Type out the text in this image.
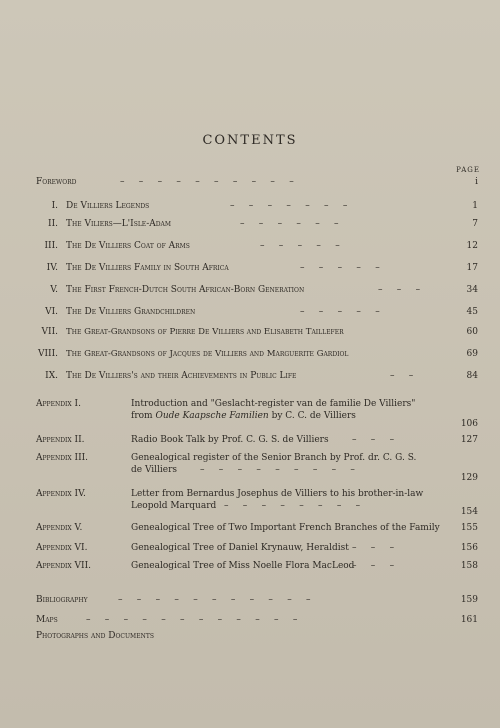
CONTENTS
PAGE
Foreword	–     –     –     –     –     –     –     –     –     –	i
I. De Villiers Legends	–     –     –     –     –     –     –	1
II. The Viliers—L'Isle-Adam	–     –     –     –     –     –	7
III. The De Villiers Coat of Arms	–     –     –     –     –	12
IV. The De Villiers Family in South Africa	–     –     –     –     –	17
V. The First French-Dutch South African-Born Generation	–     –     –	34
VI. The De Villiers Grandchildren	–     –     –     –     –	45
VII. The Great-Grandsons of Pierre De Villiers and Elisabeth Taillefer	60
VIII. The Great-Grandsons of Jacques de Villiers and Marguerite Gardiol	69
IX. The De Villiers's and their Achievements in Public Life	–     –	84
Appendix I.	Introduction and "Geslacht-register van de familie De Villiers"
from Oude Kaapsche Familien by C. C. de Villiers
106
Appendix II.	Radio Book Talk by Prof. C. G. S. de Villiers	–     –     –	127
Appendix III.	Genealogical register of the Senior Branch by Prof. dr. C. G. S.
de Villiers	–     –     –     –     –     –     –     –     –
129
Appendix IV.	Letter from Bernardus Josephus de Villiers to his brother-in-law
Leopold Marquard –     –     –     –     –     –     –     –
154
Appendix V.	Genealogical Tree of Two Important French Branches of the Family	155
Appendix VI.	Genealogical Tree of Daniel Krynauw, Heraldist –     –     –	156
Appendix VII.	Genealogical Tree of Miss Noelle Flora MacLeod
–     –     –	158
Bibliography	–     –     –     –     –     –     –     –     –     –     –	159
Maps	–     –     –     –     –     –     –     –     –     –     –     –	161
Photographs and Documents
